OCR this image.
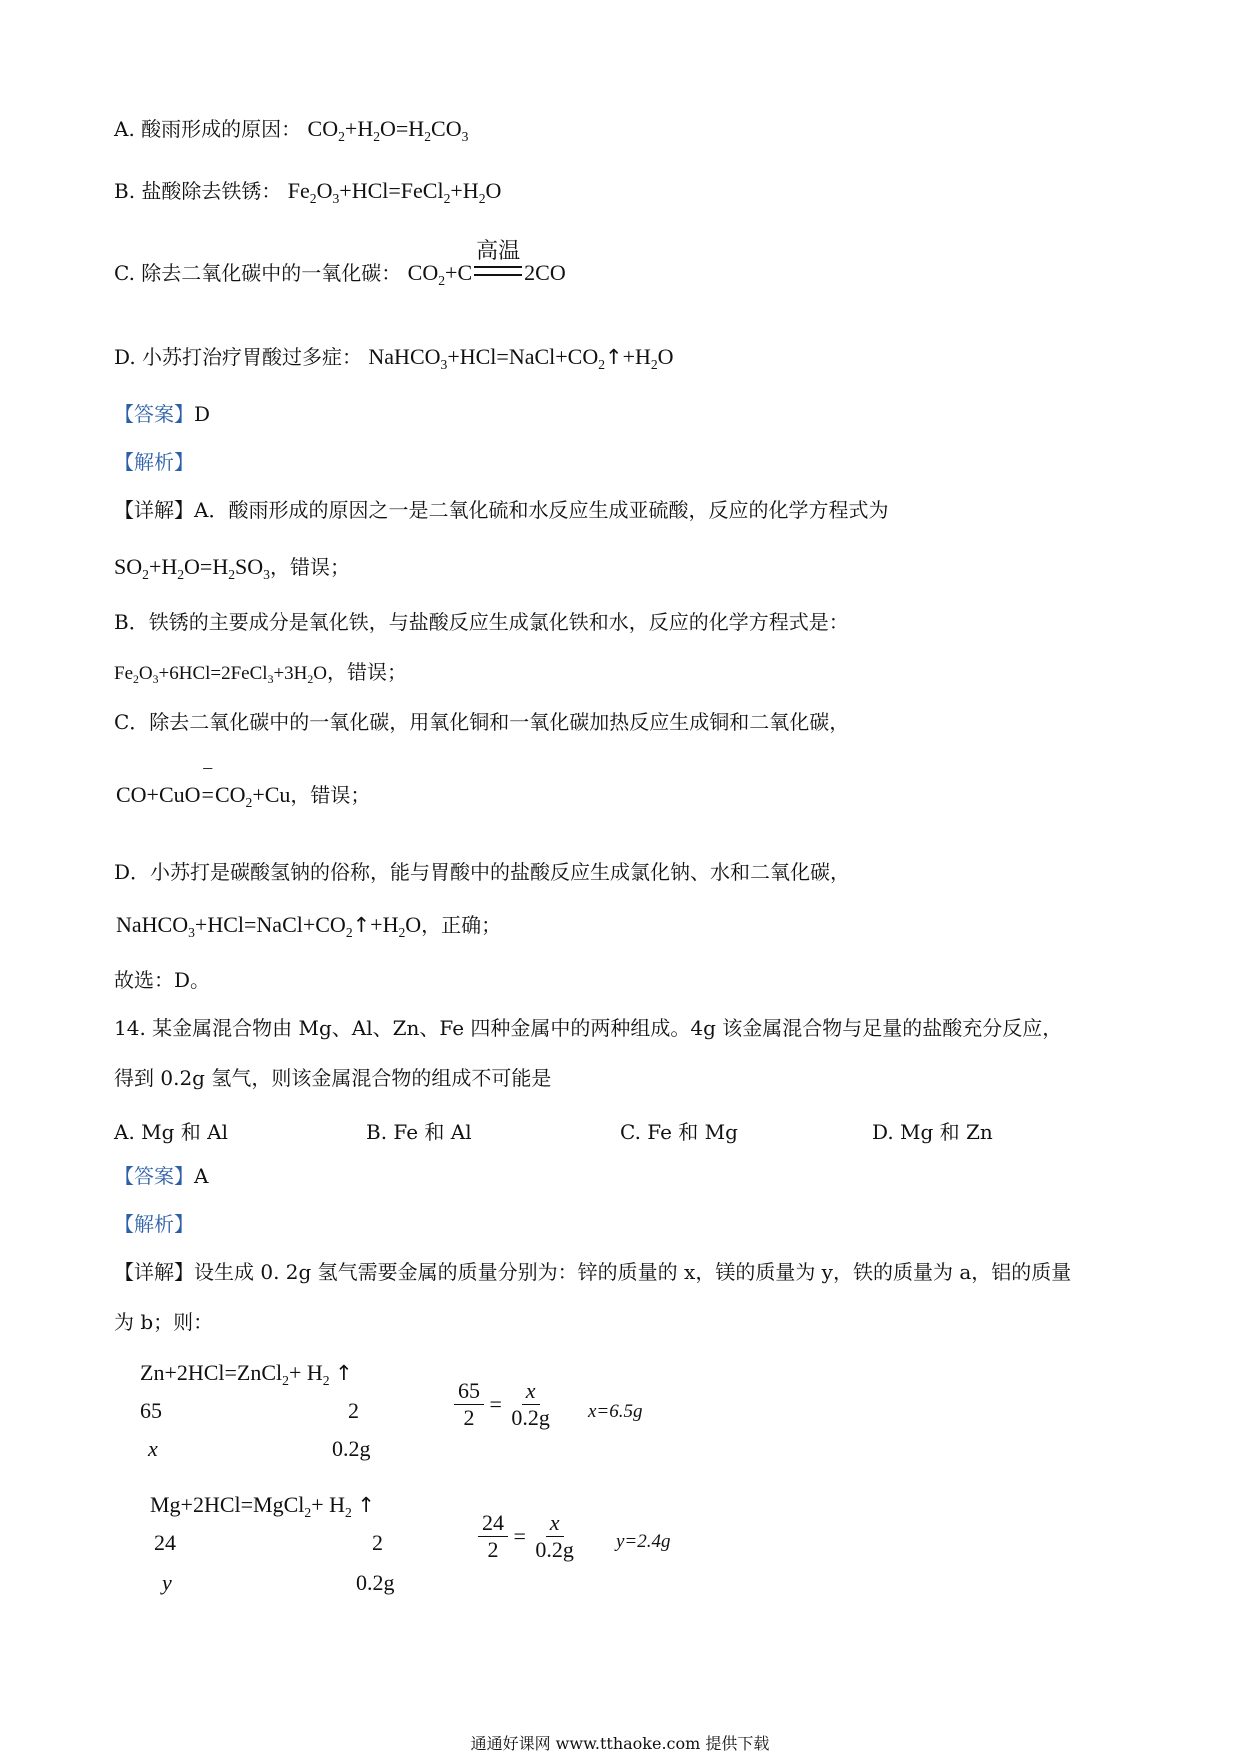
A. 酸雨形成的原因： $CO_2+H_2O=H_2CO_3$
B. 盐酸除去铁锈： $Fe_2O_3+HCl=FeCl_2+H_2O$
C. 除去二氧化碳中的一氧化碳： $CO_2+C$
高温
2CO
D. 小苏打治疗胃酸过多症： $NaHCO_3+HCl=NaCl+CO_2↑+H_2O$
【答案】D
【解析】
【详解】A．酸雨形成的原因之一是二氧化硫和水反应生成亚硫酸，反应的化学方程式为
$SO_2+H_2O=H_2SO_3$，错误；
B．铁锈的主要成分是氧化铁，与盐酸反应生成氯化铁和水，反应的化学方程式是：
$Fe_2O_3+6HCl=2FeCl_3+3H_2O$，错误；
C．除去二氧化碳中的一氧化碳，用氧化铜和一氧化碳加热反应生成铜和二氧化碳，
CO+CuO
–
$=CO_2+Cu$，错误；
D．小苏打是碳酸氢钠的俗称，能与胃酸中的盐酸反应生成氯化钠、水和二氧化碳，
$NaHCO_3+HCl=NaCl+CO_2↑+H_2O$，正确；
故选：D。
14. 某金属混合物由 Mg、Al、Zn、Fe 四种金属中的两种组成。4g 该金属混合物与足量的盐酸充分反应，
得到 0.2g 氢气，则该金属混合物的组成不可能是
A. Mg 和 Al	B. Fe 和 Al	C. Fe 和 Mg	D. Mg 和 Zn
【答案】A
【解析】
【详解】设生成 0. 2g 氢气需要金属的质量分别为：锌的质量的 x，镁的质量为 y，铁的质量为 a，铝的质量
为 b；则：
Zn+2HCl=ZnCl$_2$+ $H_2$ ↑
65	2
x	0.2g
$\frac{65}{2} = \frac{x}{0.2g} x=6.5g$
Mg+2HCl=MgCl$_2$+ $H_2$ ↑
24	2
y	0.2g
$\frac{24}{2} = \frac{x}{0.2g} y=2.4g$
通通好课网 www.tthaoke.com 提供下载
